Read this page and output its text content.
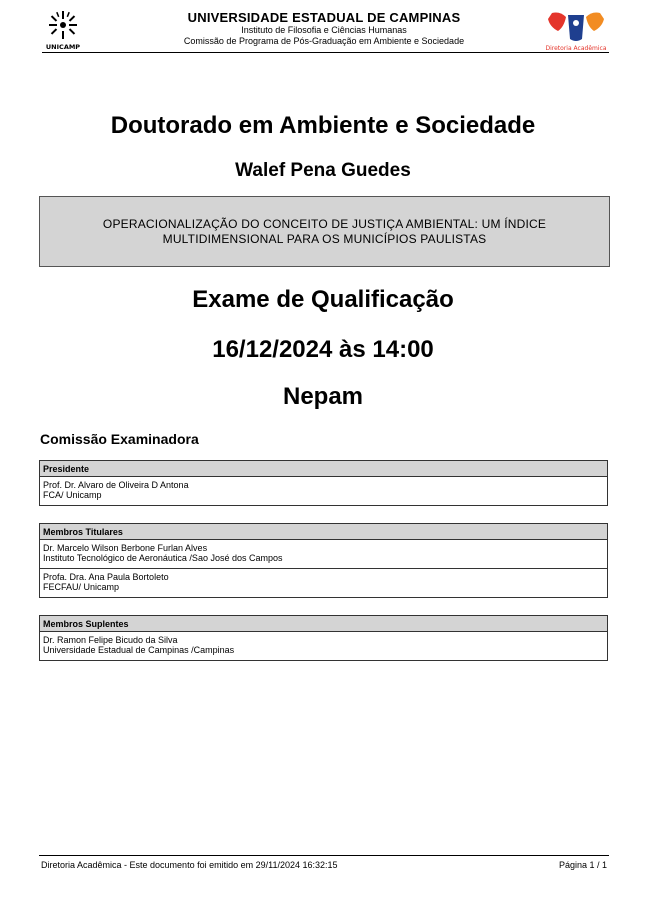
UNICAMP
UNIVERSIDADE ESTADUAL DE CAMPINAS
Instituto de Filosofia e Ciências Humanas
Comissão de Programa de Pós-Graduação em Ambiente e Sociedade
Diretoria Acadêmica
Doutorado em Ambiente e Sociedade
Walef Pena Guedes
OPERACIONALIZAÇÃO DO CONCEITO DE JUSTIÇA AMBIENTAL: UM ÍNDICE MULTIDIMENSIONAL PARA OS MUNICÍPIOS PAULISTAS
Exame de Qualificação
16/12/2024 às 14:00
Nepam
Comissão Examinadora
Presidente
Prof. Dr. Alvaro de Oliveira D Antona
FCA/ Unicamp
Membros Titulares
Dr. Marcelo Wilson Berbone Furlan Alves
Instituto Tecnológico de Aeronáutica /Sao José dos Campos
Profa. Dra. Ana Paula Bortoleto
FECFAU/ Unicamp
Membros Suplentes
Dr. Ramon Felipe Bicudo da Silva
Universidade Estadual de Campinas /Campinas
Diretoria Acadêmica - Este documento foi emitido em 29/11/2024 16:32:15	Página 1 / 1
